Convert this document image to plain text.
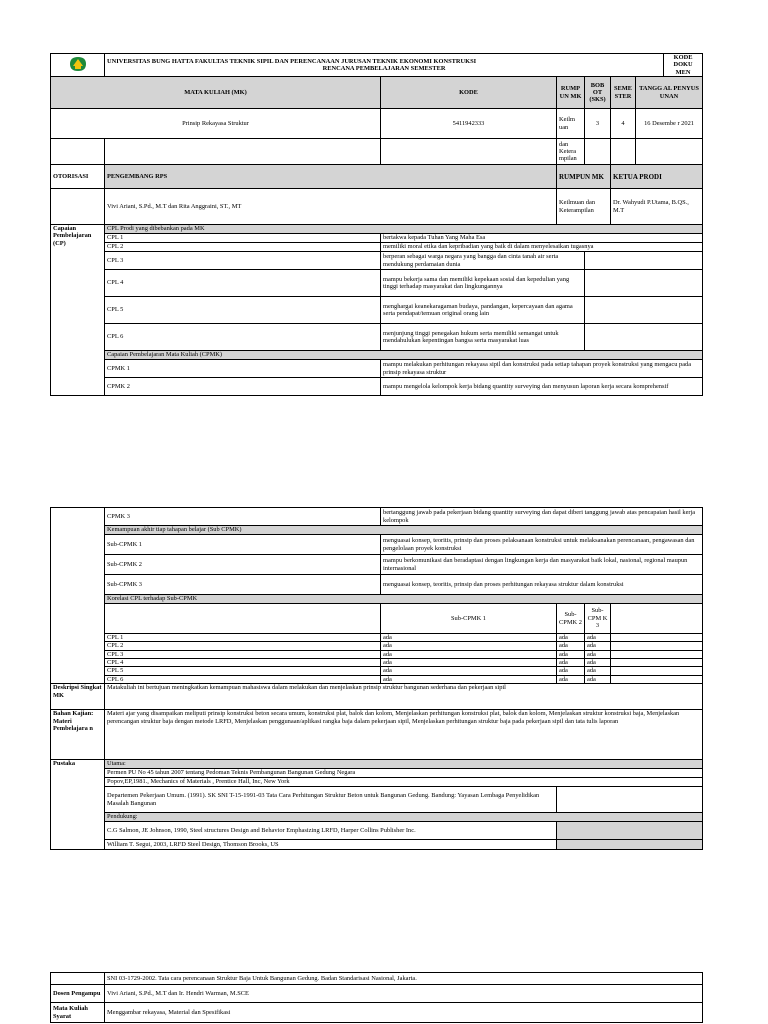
UNIVERSITAS BUNG HATTA FAKULTAS TEKNIK SIPIL DAN PERENCANAAN JURUSAN TEKNIK EKONOMI KONSTRUKSI
RENCANA PEMBELAJARAN SEMESTER						KODE DOKU MEN
MATA KULIAH (MK)		KODE	RUMP UN MK	BOB OT (SKS)	SEME STER	TANGG AL PENYUS UNAN	
Prinsip Rekayasa Struktur		5411942333	Keilm uan	3	4	16 Desembe r 2021	
			dan Ketera mpilan				
OTORISASI	PENGEMBANG RPS		RUMPUN MK		KETUA PRODI		
	Vivi Ariani, S.Pd., M.T dan Rita Anggraini, ST., MT		Keilmuan dan Keterampilan		Dr. Wahyudi P.Utama, B.QS., M.T		
Capaian Pembelajaran (CP)	CPL Prodi yang dibebankan pada MK						
	CPL 1	bertakwa kepada Tuhan Yang Maha Esa					
	CPL 2	memiliki moral etika dan kepribadian yang baik di dalam menyelesaikan tugasnya					
	CPL 3	berperan sebagai warga negara yang bangga dan cinta tanah air serta mendukung perdamaian dunia					
	CPL 4	mampu bekerja sama dan memiliki kepekaan sosial dan kepedulian yang tinggi terhadap masyarakat dan lingkungannya					
	CPL 5	menghargai keanekaragaman budaya, pandangan, kepercayaan dan agama serta pendapat/temuan original orang lain					
	CPL 6	menjunjung tinggi penegakan hukum serta memiliki semangat untuk mendahulukan kepentingan bangsa serta masyarakat luas					
	Capaian Pembelajaran Mata Kuliah (CPMK)						
	CPMK 1	mampu melakukan perhitungan rekayasa sipil dan konstruksi pada setiap tahapan proyek konstruksi yang mengacu pada prinsip rekayasa struktur					
	CPMK 2	mampu mengelola kelompok kerja bidang quantity surveying dan menyusun laporan kerja secara komprehensif					
	CPMK 3	bertanggung jawab pada pekerjaan bidang quantity surveying dan dapat diberi tanggung jawab atas pencapaian hasil kerja kelompok			
	Kemampuan akhir tiap tahapan belajar (Sub CPMK)				
	Sub-CPMK 1	menguasai konsep, teoritis, prinsip dan proses pelaksanaan konstruksi untuk melaksanakan perencanaan, pengawasan dan pengelolaan proyek konstruksi			
	Sub-CPMK 2	mampu berkomunikasi dan beradaptasi dengan lingkungan kerja dan masyarakat baik lokal, nasional, regional maupun internasional			
	Sub-CPMK 3	menguasai konsep, teoritis, prinsip dan proses perhitungan rekayasa struktur dalam konstruksi			
	Korelasi CPL terhadap Sub-CPMK				
		Sub-CPMK 1	Sub- CPMK 2	Sub- CPM K 3	
	CPL 1	ada	ada	ada	
	CPL 2	ada	ada	ada	
	CPL 3	ada	ada	ada	
	CPL 4	ada	ada	ada	
	CPL 5	ada	ada	ada	
	CPL 6	ada	ada	ada	
Deskripsi Singkat MK	Matakuliah ini bertujuan meningkatkan kemampuan mahasiswa dalam melakukan dan menjelaskan prinsip struktur bangunan sederhana dan pekerjaan sipil	
Bahan Kajian: Materi Pembelajara n	Materi ajar yang disampaikan meliputi prinsip konstruksi beton secara umum, konstruksi plat, balok dan kolom, Menjelaskan perhitungan konstruksi plat, balok dan kolom, Menjelaskan struktur konstruksi baja, Menjelaskan perencangan struktur baja dengan metode LRFD, Menjelaskan penggunaan/aplikasi rangka baja dalam pekerjaan sipil, Menjelaskan perhitungan struktur baja pada pekerjaan sipil dan tata tulis laporan	
Pustaka	Utama:	
	Permen PU No 45 tahun 2007 tentang Pedoman Teknis Pembangunan Bangunan Gedung Negara	
	Popov,EP,1981., Mechanics of Materials , Prentice Hall, Inc, New York	
	Departemen Pekerjaan Umum. (1991). SK SNI T-15-1991-03 Tata Cara Perhitungan Struktur Beton untuk Bangunan Gedung. Bandung: Yayasan Lembaga Penyelidikan Masalah Bangunan	
	Pendukung:	
	C.G Salmon, JE Johnson, 1990, Steel structures Design and Behavior Emphasizing LRFD, Harper Collins Publisher Inc.	
	William T. Segui, 2003, LRFD Steel Design, Thomson Brooks, US	
	SNI 03-1729-2002. Tata cara perencanaan Struktur Baja Untuk Bangunan Gedung. Badan Standarisasi Nasional, Jakarta.
Dosen Pengampu	Vivi Ariani, S.Pd., M.T dan Ir. Hendri Warman, M.SCE
Mata Kuliah Syarat	Menggambar rekayasa, Material dan Spesifikasi
